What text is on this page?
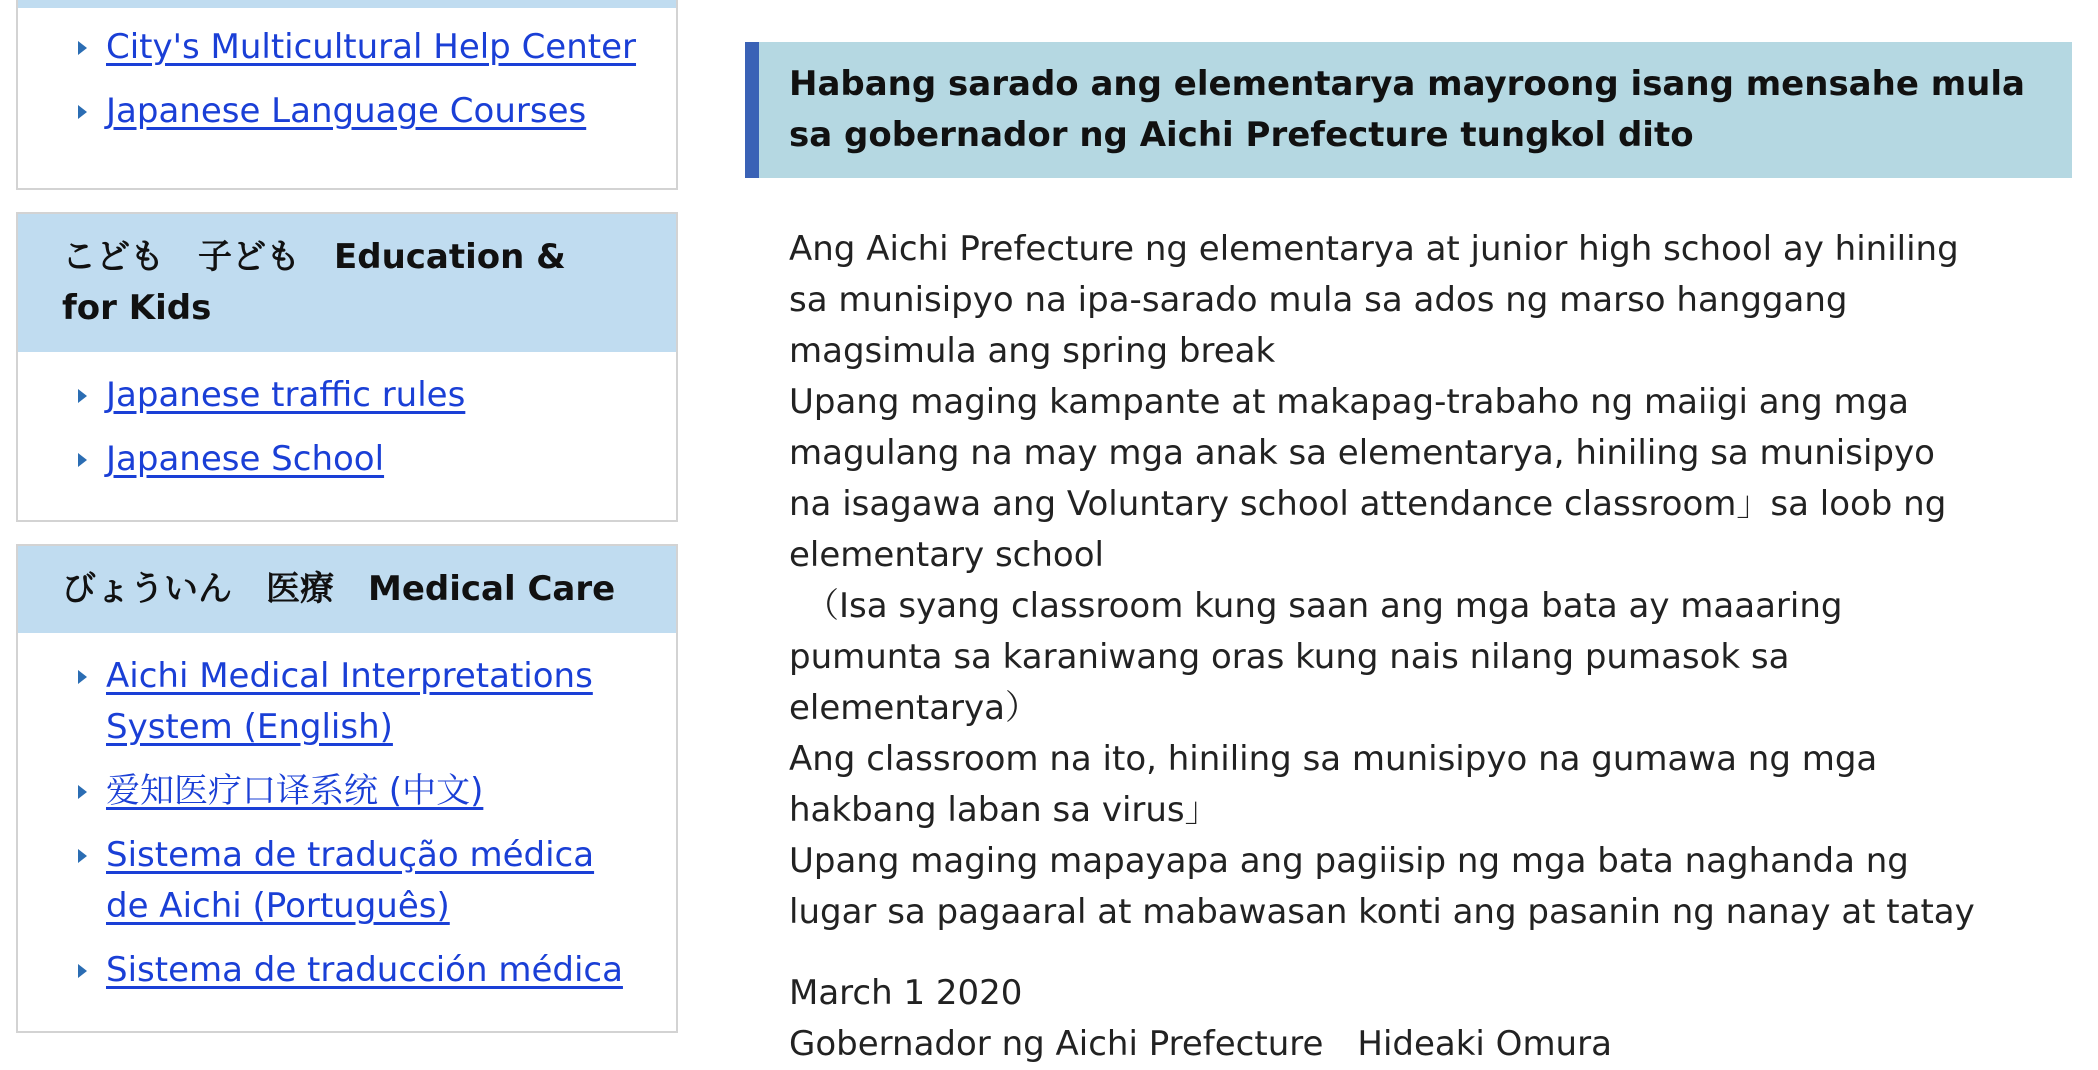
City's Multicultural Help Center
Japanese Language Courses
こども　子ども　Education & for Kids
Japanese traffic rules
Japanese School
びょういん　医療　Medical Care
Aichi Medical Interpretations System (English)
爱知医疗口译系统 (中文)
Sistema de tradução médica de Aichi (Português)
Sistema de traducción médica
Habang sarado ang elementarya mayroong isang mensahe mula sa gobernador ng Aichi Prefecture tungkol dito

Ang Aichi Prefecture ng elementarya at junior high school ay hiniling sa munisipyo na ipa-sarado mula sa ados ng marso hanggang magsimula ang spring break

Upang maging kampante at makapag-trabaho ng maiigi ang mga magulang na may mga anak sa elementarya, hiniling sa munisipyo na isagawa ang Voluntary school attendance classroom」sa loob ng elementary school

（Isa syang classroom kung saan ang mga bata ay maaaring pumunta sa karaniwang oras kung nais nilang pumasok sa elementarya）

Ang classroom na ito, hiniling sa munisipyo na gumawa ng mga hakbang laban sa virus」

Upang maging mapayapa ang pagiisip ng mga bata naghanda ng lugar sa pagaaral at mabawasan konti ang pasanin ng nanay at tatay

March 1 2020
Gobernador ng Aichi Prefecture　Hideaki Omura
